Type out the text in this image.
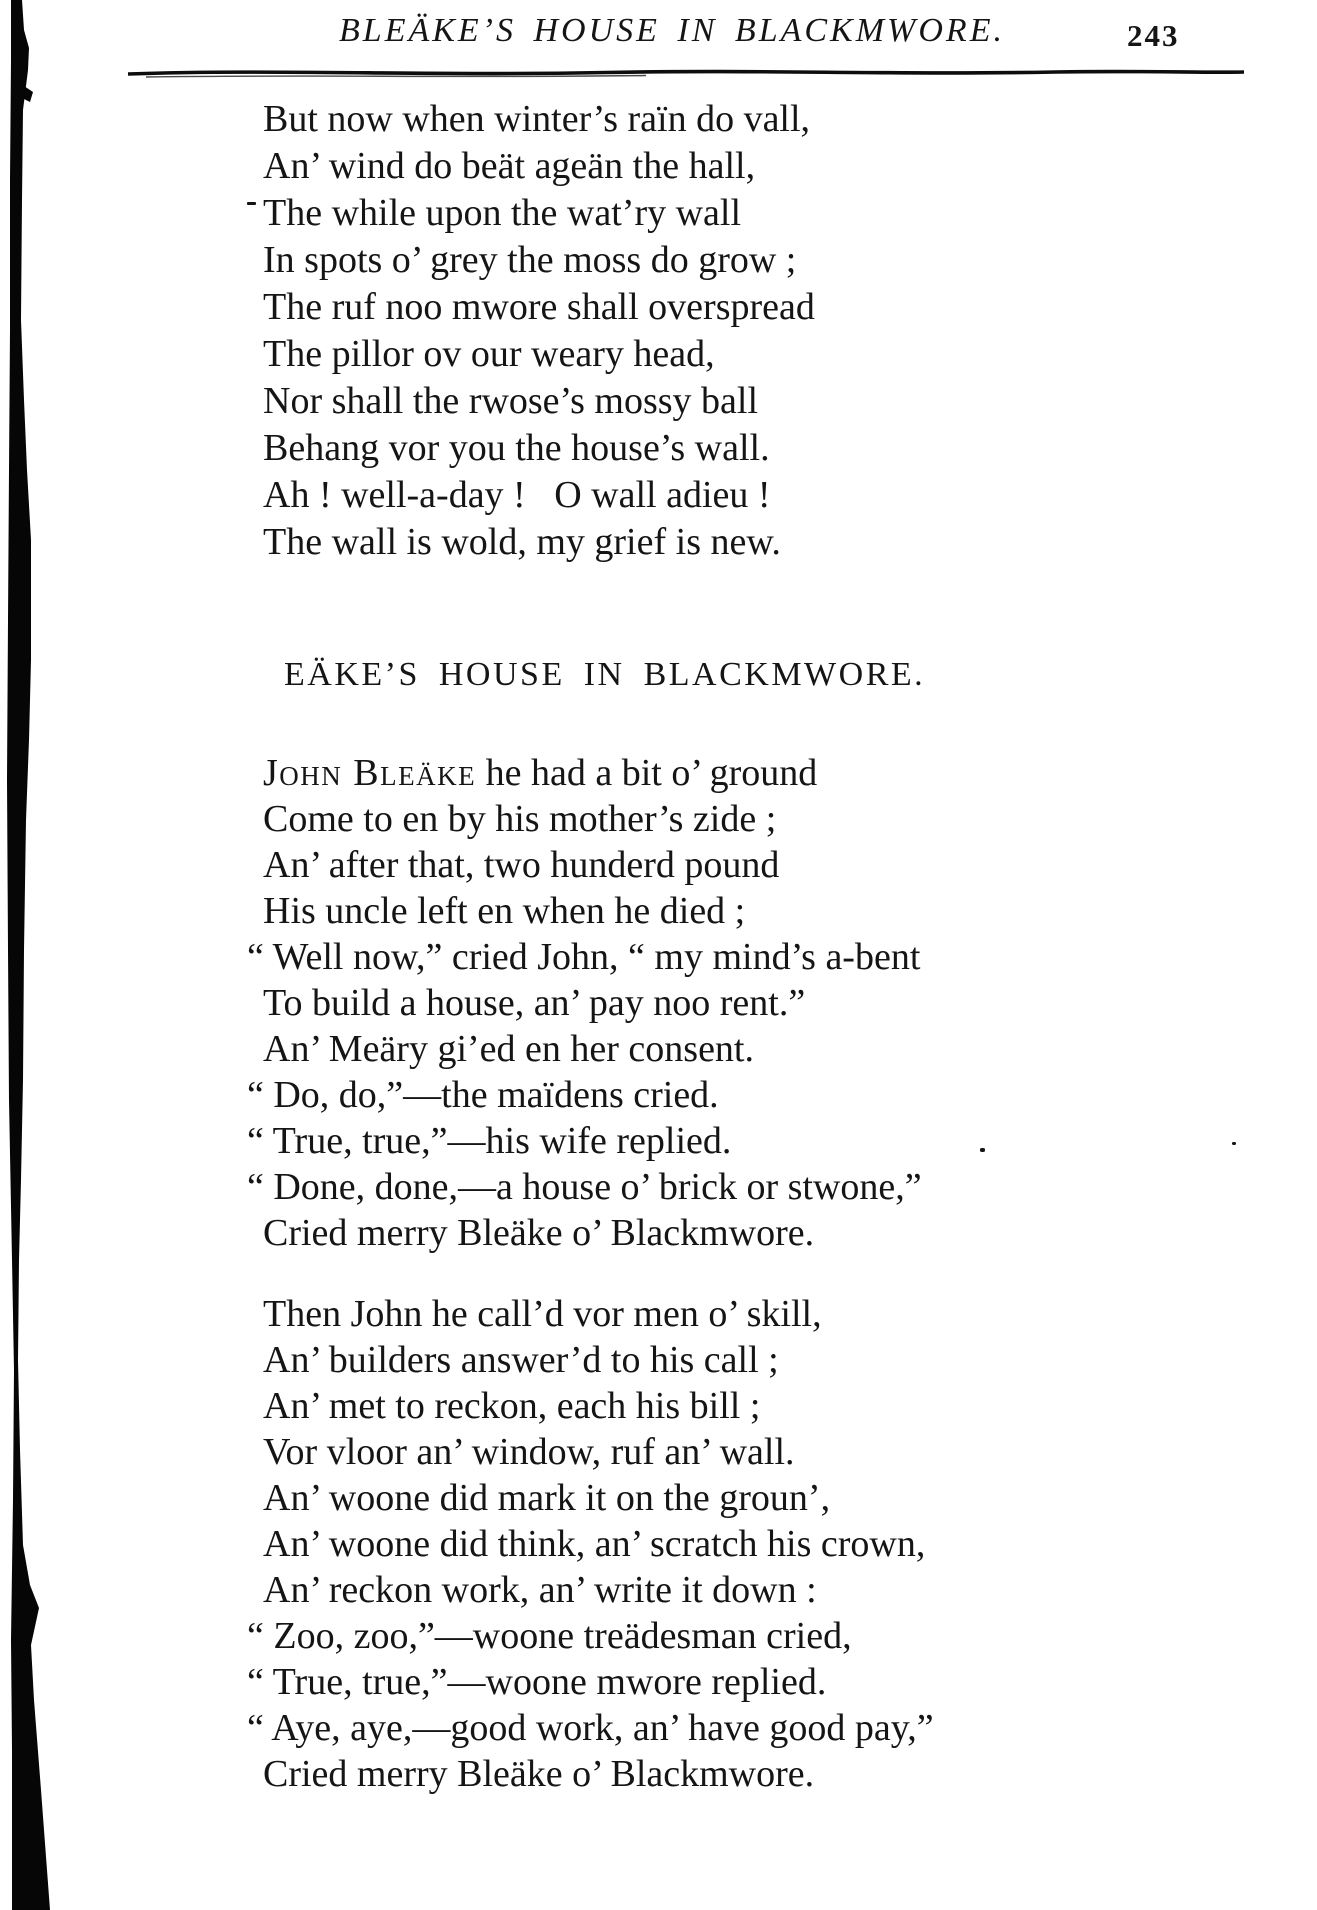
BLEÄKE’S HOUSE IN BLACKMWORE.	243
But now when winter’s raïn do vall,
An’ wind do beät ageän the hall,
The while upon the wat’ry wall
In spots o’ grey the moss do grow ;
The ruf noo mwore shall overspread
The pillor ov our weary head,
Nor shall the rwose’s mossy ball
Behang vor you the house’s wall.
Ah ! well-a-day !   O wall adieu !
The wall is wold, my grief is new.
EÄKE’S HOUSE IN BLACKMWORE.
John Bleäke he had a bit o’ ground
Come to en by his mother’s zide ;
An’ after that, two hunderd pound
His uncle left en when he died ;
“ Well now,” cried John, “ my mind’s a-bent
To build a house, an’ pay noo rent.”
An’ Meäry gi’ed en her consent.
“ Do, do,”—the maïdens cried.
“ True, true,”—his wife replied.
“ Done, done,—a house o’ brick or stwone,”
Cried merry Bleäke o’ Blackmwore.
Then John he call’d vor men o’ skill,
An’ builders answer’d to his call ;
An’ met to reckon, each his bill ;
Vor vloor an’ window, ruf an’ wall.
An’ woone did mark it on the groun’,
An’ woone did think, an’ scratch his crown,
An’ reckon work, an’ write it down :
“ Zoo, zoo,”—woone treädesman cried,
“ True, true,”—woone mwore replied.
“ Aye, aye,—good work, an’ have good pay,”
Cried merry Bleäke o’ Blackmwore.
